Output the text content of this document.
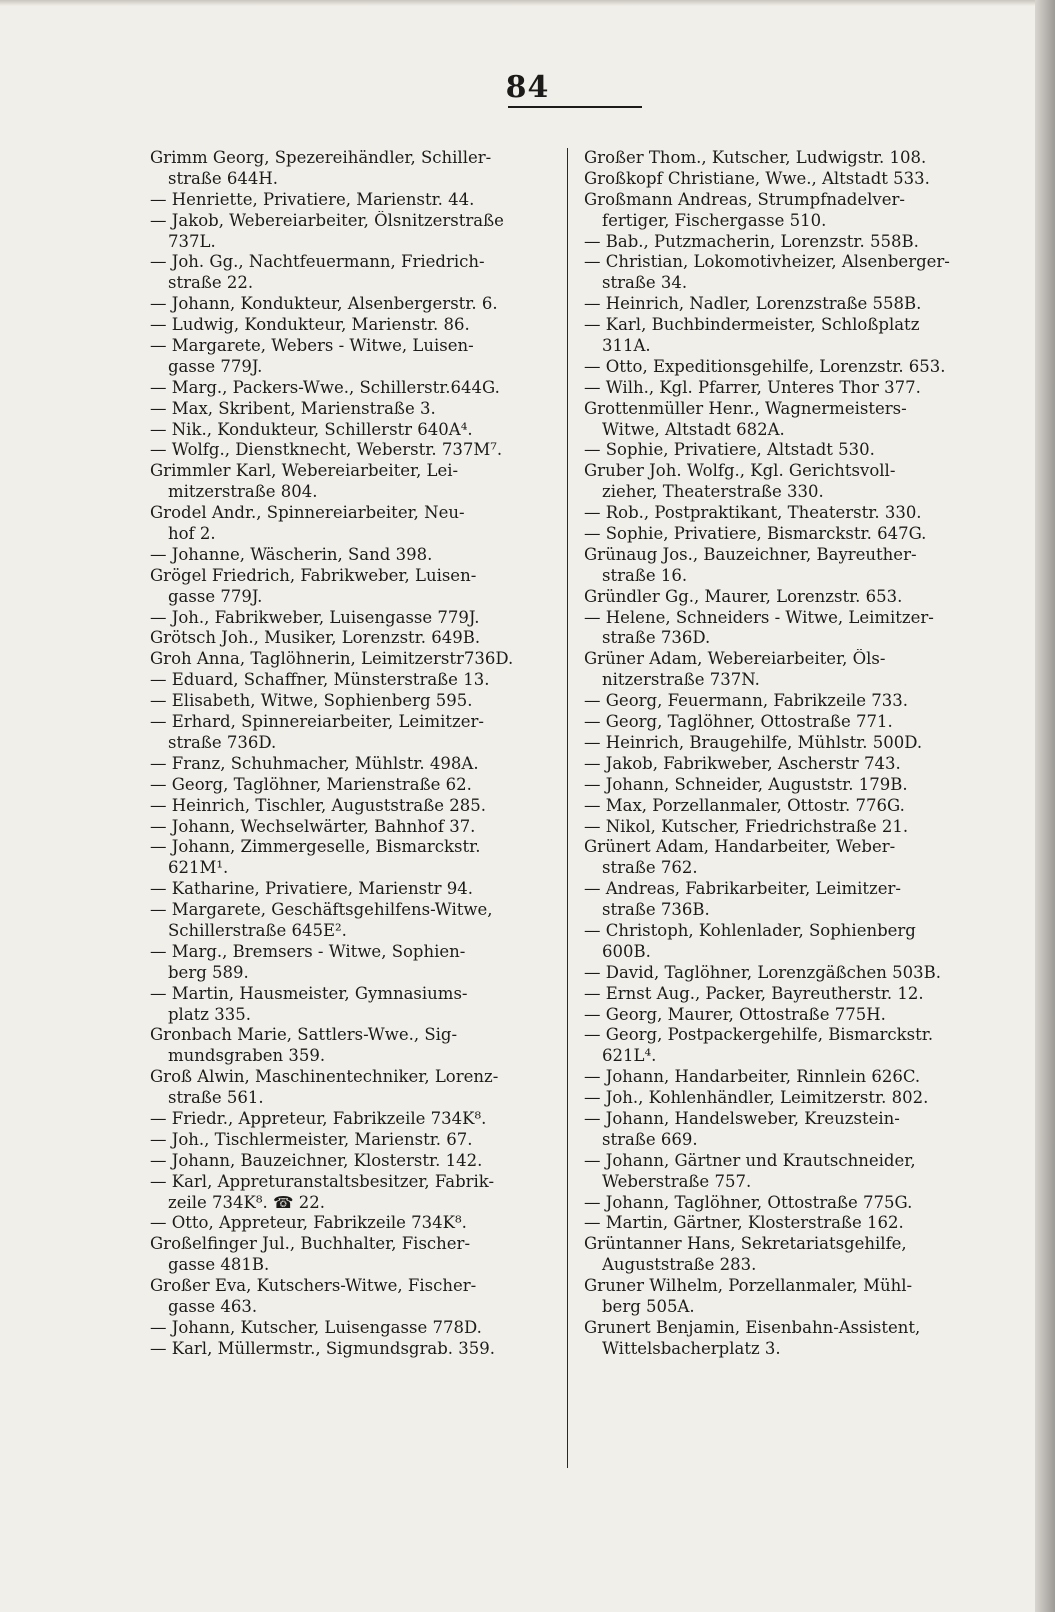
84
Grimm Georg, Spezereihändler, Schiller-
straße 644H.
— Henriette, Privatiere, Marienstr. 44.
— Jakob, Webereiarbeiter, Ölsnitzerstraße
737L.
— Joh. Gg., Nachtfeuermann, Friedrich-
straße 22.
— Johann, Kondukteur, Alsenbergerstr. 6.
— Ludwig, Kondukteur, Marienstr. 86.
— Margarete, Webers - Witwe, Luisen-
gasse 779J.
— Marg., Packers-Wwe., Schillerstr.644G.
— Max, Skribent, Marienstraße 3.
— Nik., Kondukteur, Schillerstr 640A⁴.
— Wolfg., Dienstknecht, Weberstr. 737M⁷.
Grimmler Karl, Webereiarbeiter, Lei-
mitzerstraße 804.
Grodel Andr., Spinnereiarbeiter, Neu-
hof 2.
— Johanne, Wäscherin, Sand 398.
Grögel Friedrich, Fabrikweber, Luisen-
gasse 779J.
— Joh., Fabrikweber, Luisengasse 779J.
Grötsch Joh., Musiker, Lorenzstr. 649B.
Groh Anna, Taglöhnerin, Leimitzerstr736D.
— Eduard, Schaffner, Münsterstraße 13.
— Elisabeth, Witwe, Sophienberg 595.
— Erhard, Spinnereiarbeiter, Leimitzer-
straße 736D.
— Franz, Schuhmacher, Mühlstr. 498A.
— Georg, Taglöhner, Marienstraße 62.
— Heinrich, Tischler, Auguststraße 285.
— Johann, Wechselwärter, Bahnhof 37.
— Johann, Zimmergeselle, Bismarckstr.
621M¹.
— Katharine, Privatiere, Marienstr 94.
— Margarete, Geschäftsgehilfens-Witwe,
Schillerstraße 645E².
— Marg., Bremsers - Witwe, Sophien-
berg 589.
— Martin, Hausmeister, Gymnasiums-
platz 335.
Gronbach Marie, Sattlers-Wwe., Sig-
mundsgraben 359.
Groß Alwin, Maschinentechniker, Lorenz-
straße 561.
— Friedr., Appreteur, Fabrikzeile 734K⁸.
— Joh., Tischlermeister, Marienstr. 67.
— Johann, Bauzeichner, Klosterstr. 142.
— Karl, Appreturanstaltsbesitzer, Fabrik-
zeile 734K⁸. ☎ 22.
— Otto, Appreteur, Fabrikzeile 734K⁸.
Großelfinger Jul., Buchhalter, Fischer-
gasse 481B.
Großer Eva, Kutschers-Witwe, Fischer-
gasse 463.
— Johann, Kutscher, Luisengasse 778D.
— Karl, Müllermstr., Sigmundsgrab. 359.
Großer Thom., Kutscher, Ludwigstr. 108.
Großkopf Christiane, Wwe., Altstadt 533.
Großmann Andreas, Strumpfnadelver-
fertiger, Fischergasse 510.
— Bab., Putzmacherin, Lorenzstr. 558B.
— Christian, Lokomotivheizer, Alsenberger-
straße 34.
— Heinrich, Nadler, Lorenzstraße 558B.
— Karl, Buchbindermeister, Schloßplatz
311A.
— Otto, Expeditionsgehilfe, Lorenzstr. 653.
— Wilh., Kgl. Pfarrer, Unteres Thor 377.
Grottenmüller Henr., Wagnermeisters-
Witwe, Altstadt 682A.
— Sophie, Privatiere, Altstadt 530.
Gruber Joh. Wolfg., Kgl. Gerichtsvoll-
zieher, Theaterstraße 330.
— Rob., Postpraktikant, Theaterstr. 330.
— Sophie, Privatiere, Bismarckstr. 647G.
Grünaug Jos., Bauzeichner, Bayreuther-
straße 16.
Gründler Gg., Maurer, Lorenzstr. 653.
— Helene, Schneiders - Witwe, Leimitzer-
straße 736D.
Grüner Adam, Webereiarbeiter, Öls-
nitzerstraße 737N.
— Georg, Feuermann, Fabrikzeile 733.
— Georg, Taglöhner, Ottostraße 771.
— Heinrich, Braugehilfe, Mühlstr. 500D.
— Jakob, Fabrikweber, Ascherstr 743.
— Johann, Schneider, Auguststr. 179B.
— Max, Porzellanmaler, Ottostr. 776G.
— Nikol, Kutscher, Friedrichstraße 21.
Grünert Adam, Handarbeiter, Weber-
straße 762.
— Andreas, Fabrikarbeiter, Leimitzer-
straße 736B.
— Christoph, Kohlenlader, Sophienberg
600B.
— David, Taglöhner, Lorenzgäßchen 503B.
— Ernst Aug., Packer, Bayreutherstr. 12.
— Georg, Maurer, Ottostraße 775H.
— Georg, Postpackergehilfe, Bismarckstr.
621L⁴.
— Johann, Handarbeiter, Rinnlein 626C.
— Joh., Kohlenhändler, Leimitzerstr. 802.
— Johann, Handelsweber, Kreuzstein-
straße 669.
— Johann, Gärtner und Krautschneider,
Weberstraße 757.
— Johann, Taglöhner, Ottostraße 775G.
— Martin, Gärtner, Klosterstraße 162.
Grüntanner Hans, Sekretariatsgehilfe,
Auguststraße 283.
Gruner Wilhelm, Porzellanmaler, Mühl-
berg 505A.
Grunert Benjamin, Eisenbahn-Assistent,
Wittelsbacherplatz 3.
